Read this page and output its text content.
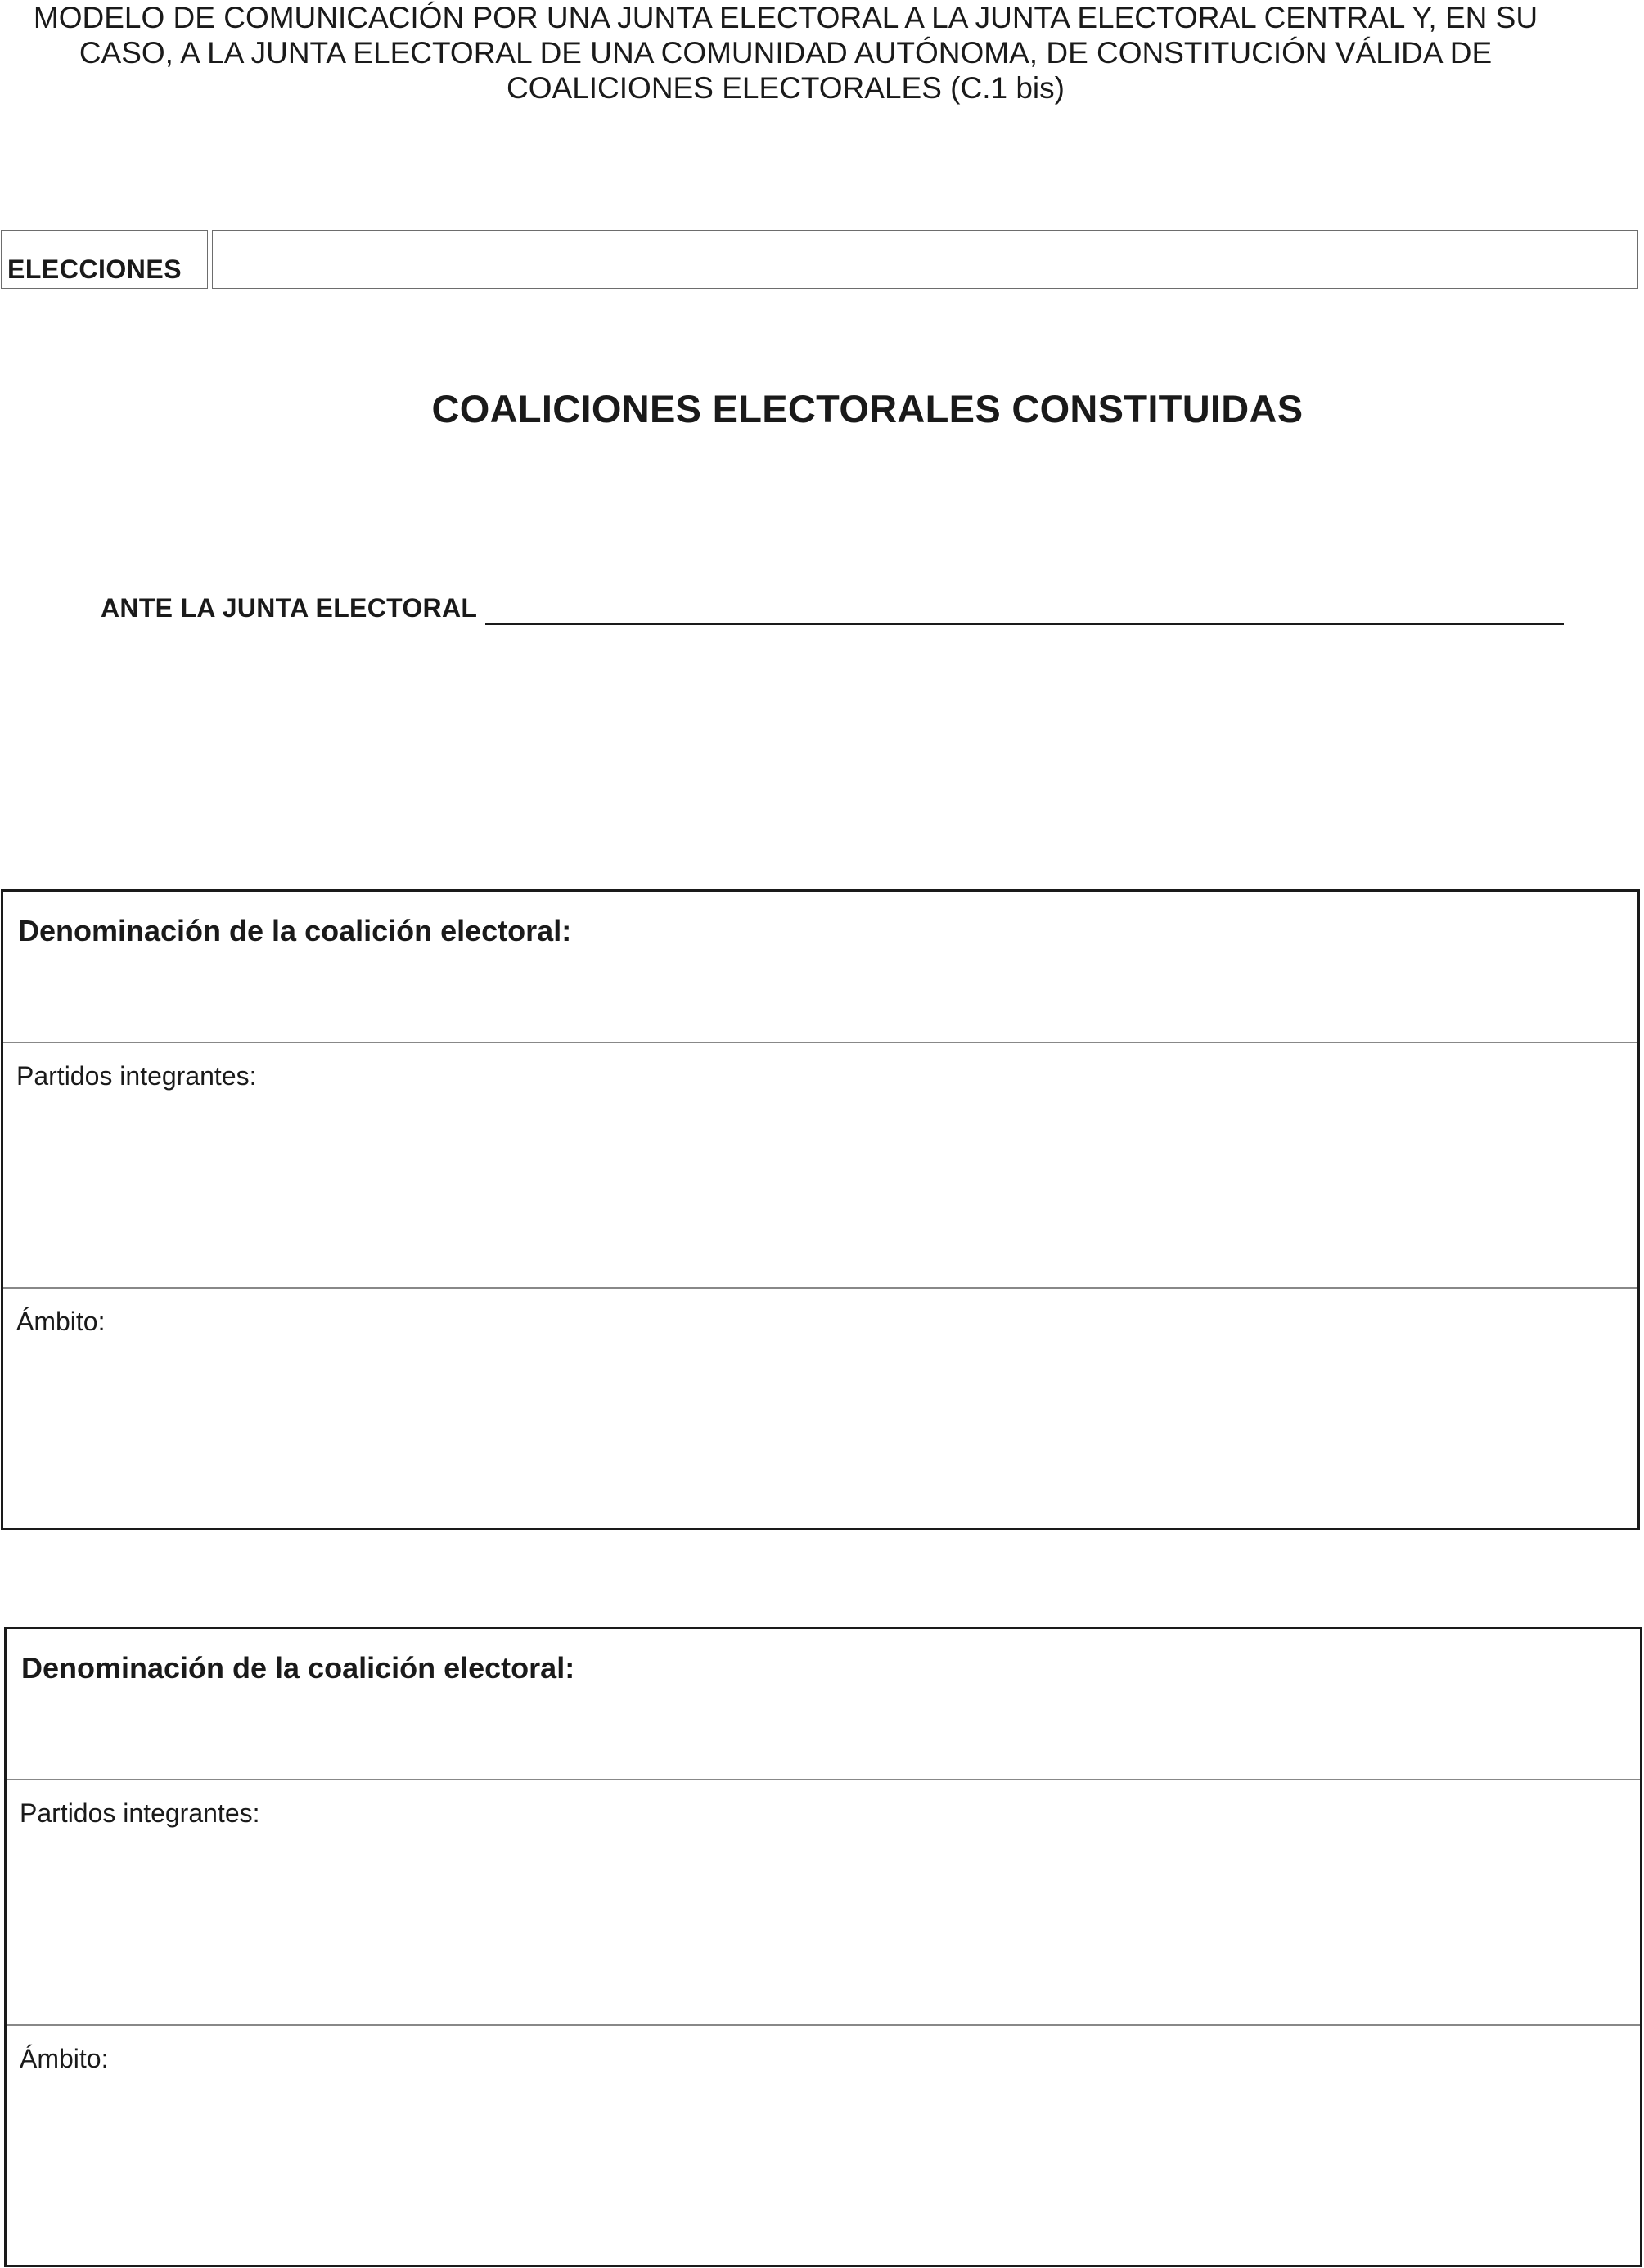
MODELO DE COMUNICACIÓN POR UNA JUNTA ELECTORAL A LA JUNTA ELECTORAL CENTRAL Y, EN SU CASO, A LA JUNTA ELECTORAL DE UNA COMUNIDAD AUTÓNOMA, DE CONSTITUCIÓN VÁLIDA DE COALICIONES ELECTORALES (C.1 bis)
ELECCIONES
COALICIONES ELECTORALES CONSTITUIDAS
ANTE LA JUNTA ELECTORAL
Denominación de la coalición electoral:
Partidos integrantes:
Ámbito:
Denominación de la coalición electoral:
Partidos integrantes:
Ámbito:
